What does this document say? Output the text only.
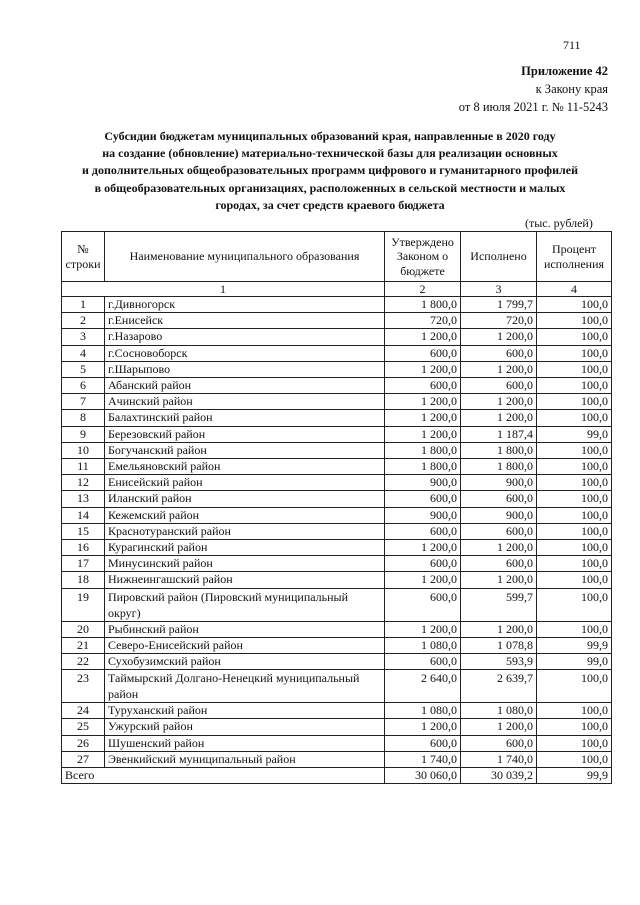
711
Приложение 42
к Закону края
от 8 июля 2021 г. № 11-5243
Субсидии бюджетам муниципальных образований края, направленные в 2020 году
на создание (обновление) материально-технической базы для реализации основных
и дополнительных общеобразовательных программ цифрового и гуманитарного профилей
в общеобразовательных организациях, расположенных в сельской местности и малых
городах, за счет средств краевого бюджета
(тыс. рублей)
№ строки	Наименование муниципального образования	Утверждено Законом о бюджете	Исполнено	Процент исполнения
1		2	3	4
1	г.Дивногорск	1 800,0	1 799,7	100,0
2	г.Енисейск	720,0	720,0	100,0
3	г.Назарово	1 200,0	1 200,0	100,0
4	г.Сосновоборск	600,0	600,0	100,0
5	г.Шарыпово	1 200,0	1 200,0	100,0
6	Абанский район	600,0	600,0	100,0
7	Ачинский район	1 200,0	1 200,0	100,0
8	Балахтинский район	1 200,0	1 200,0	100,0
9	Березовский район	1 200,0	1 187,4	99,0
10	Богучанский район	1 800,0	1 800,0	100,0
11	Емельяновский район	1 800,0	1 800,0	100,0
12	Енисейский район	900,0	900,0	100,0
13	Иланский район	600,0	600,0	100,0
14	Кежемский район	900,0	900,0	100,0
15	Краснотуранский район	600,0	600,0	100,0
16	Курагинский район	1 200,0	1 200,0	100,0
17	Минусинский район	600,0	600,0	100,0
18	Нижнеингашский район	1 200,0	1 200,0	100,0
19	Пировский район (Пировский муниципальный округ)	600,0	599,7	100,0
20	Рыбинский район	1 200,0	1 200,0	100,0
21	Северо-Енисейский район	1 080,0	1 078,8	99,9
22	Сухобузимский район	600,0	593,9	99,0
23	Таймырский Долгано-Ненецкий муниципальный район	2 640,0	2 639,7	100,0
24	Туруханский район	1 080,0	1 080,0	100,0
25	Ужурский район	1 200,0	1 200,0	100,0
26	Шушенский район	600,0	600,0	100,0
27	Эвенкийский муниципальный район	1 740,0	1 740,0	100,0
Всего		30 060,0	30 039,2	99,9
